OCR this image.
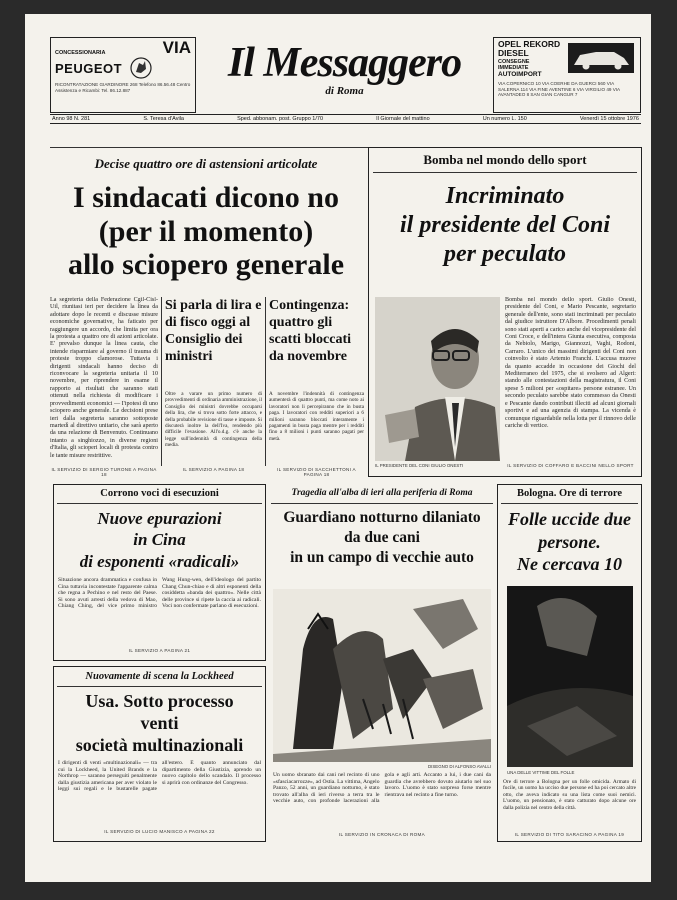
CONCESSIONARIA	VIA
PEUGEOT
RICONTRATAZIONE GIARDINORE 268 Telefono 86.56.48 Centro Assistenza e Ricambi: Tel. 86.12.887
Il Messaggero
di Roma
OPEL REKORD DIESEL
CONSEGNE
IMMEDIATE
AUTOIMPORT
VIA COPERNICO 10 VIA COERHE DA GUERCI 560 VIA SALERNA 114 VIA FINE AVENTINE 6 VIA VIRGILIO 49 VIA AVANTADEO 8 SAN GIAN CANGUR 7
Anno 98 N. 281	S. Teresa d'Avila	Sped. abbonam. post. Gruppo 1/70	Il Giornale del mattino	Un numero L. 150	Venerdì 15 ottobre 1976
Decise quattro ore di astensioni articolate
I sindacati dicono no
(per il momento)
allo sciopero generale
La segreteria della Federazione Cgil-Cisl-Uil, riunitasi ieri per decidere la linea da adottare dopo le recenti e discusse misure economiche governative, ha faticato per raggiungere un accordo, che limita per ora la protesta a quattro ore di azioni articolate. E' prevalso dunque la linea cauta, che intende risparmiare al governo il trauma di proteste troppo clamorose. Tuttavia i dirigenti sindacali hanno deciso di riconvocare la segreteria unitaria il 10 novembre, per riprendere in esame il rapporto ai risultati che saranno stati ottenuti nella richiesta di modificare i provvedimenti economici — I'ipotesi di uno sciopero anche generale. Le decisioni prese ieri dalla segreteria saranno sottoposte martedì al direttivo unitario, che sarà aperto da una relazione di Benvenuto. Continuano intanto a singhiozzo, in diverse regioni d'Italia, gli scioperi locali di protesta contro le tante misure restrittive.
Si parla di lira e di fisco oggi al Consiglio dei ministri
Oltre a varare un primo numero di provvedimenti di ordinaria amministrazione, il Consiglio dei ministri dovrebbe occuparsi della lira, che si trova sotto forte attacco, e della probabile revisione di tasse e imposte. Si discuterà inoltre la dell'Iva, rendendo più difficile l'evasione. All'o.d.g. c'è anche la legge sull'indennità di contingenza della media.
Contingenza: quattro gli scatti bloccati da novembre
A novembre l'indennità di contingenza aumenterà di quattro punti, ma come noto ai lavoratori non li percepiranno che in busta paga. I lavoratori con redditi superiori a 6 milioni saranno bloccati interamente i pagamenti in busta paga mentre per i redditi fino a 8 milioni i punti saranno pagati per metà.
IL SERVIZIO DI SERGIO TURONE A PAGINA 18
IL SERVIZIO A PAGINA 18	IL SERVIZIO DI SACCHETTONI A PAGINA 18
Bomba nel mondo dello sport
Incriminato
il presidente del Coni
per peculato
IL PRESIDENTE DEL CONI GIULIO ONESTI
Bomba nel mondo dello sport. Giulio Onesti, presidente del Coni, e Mario Pescante, segretario generale dell'ente, sono stati incriminati per peculato dal giudice istruttore D'Albore. Procedimenti penali sono stati aperti a carico anche del vicepresidente del Coni Croce, e dell'intera Giunta esecutiva, composta da Nebiolo, Marigo, Giannozzi, Vaghi, Rodoni, Carraro. L'unico dei massimi dirigenti del Coni non coinvolto è stato Artemio Franchi. L'accusa muove da quanto accadde in occasione dei Giochi del Mediterraneo del 1975, che si svolsero ad Algeri: stando alle contestazioni della magistratura, il Coni spese 5 milioni per «ospitare» persone estranee. Un secondo peculato sarebbe stato commesso da Onesti e Pescante dando contributi illeciti ad alcuni giornali sportivi e ad una agenzia di stampa. La vicenda è comunque riguardabile nella lotta per il rinnovo delle cariche di vertice.
IL SERVIZIO DI COFFARO E BACCINI NELLO SPORT
Corrono voci di esecuzioni
Nuove epurazioni
in Cina
di esponenti «radicali»
Situazione ancora drammatica e confusa in Cina tuttavia incontestate l'apparente calma che regna a Pechino e nel resto del Paese. Si sono avuti arresti della vedova di Mao, Chiang Ching, del vice primo ministro Wang Hung-wen, dell'ideologo del partito Chang Chun-chiao e di altri esponenti della cosiddetta «banda dei quattro». Nelle città delle province si ripete la caccia ai radicali. Voci non confermate parlano di esecuzioni.
IL SERVIZIO A PAGINA 21
Nuovamente di scena la Lockheed
Usa. Sotto processo
venti
società multinazionali
I dirigenti di venti «multinazionali» — tra cui la Lockheed, la United Brands e la Northrop — saranno perseguiti penalmente dalla giustizia americana per aver violato le leggi sui regali e le bustarelle pagate all'estero. È quanto annunciato dal dipartimento della Giustizia, aprendo un nuovo capitolo dello scandalo. Il processo si aprirà con ordinanze del Congresso.
IL SERVIZIO DI LUCIO MANISCO A PAGINA 22
Tragedia all'alba di ieri alla periferia di Roma
Guardiano notturno dilaniato
da due cani
in un campo di vecchie auto
DISEGNO DI ALFONSO AVALLI
Un uomo sbranato dai cani nel recinto di uno «sfasciacarrozze», ad Ostia. La vittima, Angelo Panzo, 52 anni, un guardiano notturno, è stato trovato all'alba di ieri riverso a terra tra le vecchie auto, con profonde lacerazioni alla gola e agli arti. Accanto a lui, i due cani da guardia che avrebbero dovuto aiutarlo nel suo lavoro. L'uomo è stato sorpreso forse mentre rientrava nel recinto a fine turno.
IL SERVIZIO IN CRONACA DI ROMA
Bologna. Ore di terrore
Folle uccide due
persone.
Ne cercava 10
UNA DELLE VITTIME DEL FOLLE
Ore di terrore a Bologna per un folle omicida. Armato di fucile, un uomo ha ucciso due persone ed ha poi cercato altre otto, che aveva indicato su una lista come suoi nemici. L'uomo, un pensionato, è stato catturato dopo alcune ore dalla polizia nel centro della città.
IL SERVIZIO DI TITO SARACINO A PAGINA 19
